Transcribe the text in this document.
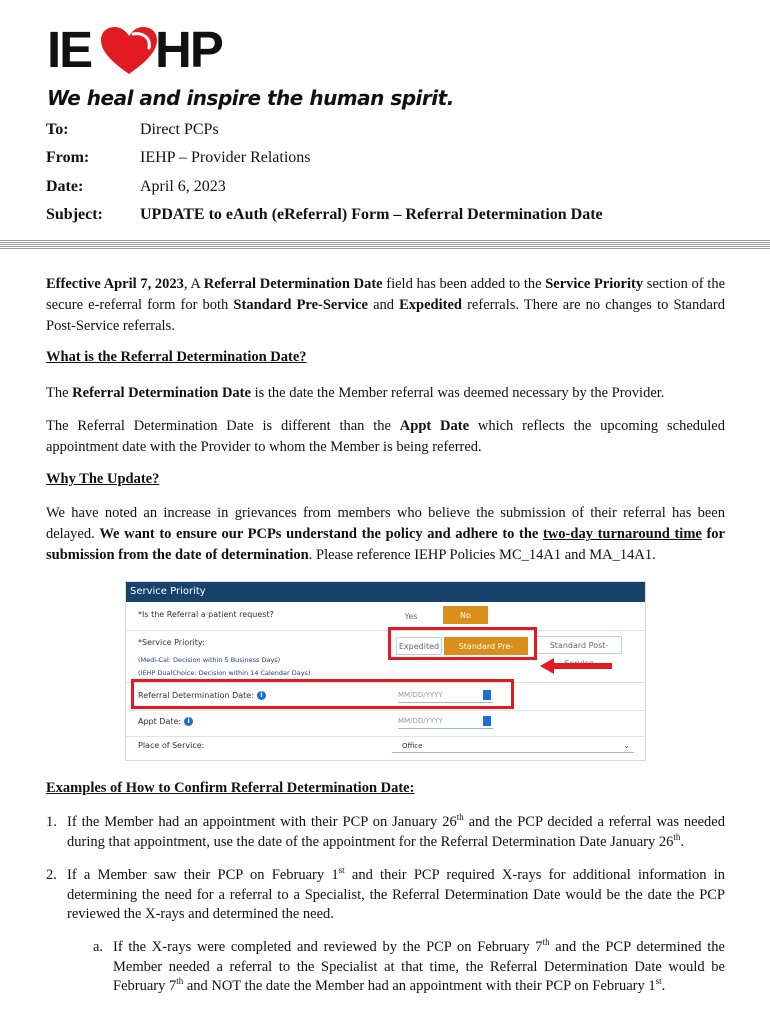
IE HP
We heal and inspire the human spirit.
To:	Direct PCPs
From:	IEHP – Provider Relations
Date:	April 6, 2023
Subject:	UPDATE to eAuth (eReferral) Form – Referral Determination Date
Effective April 7, 2023, A Referral Determination Date field has been added to the Service Priority section of the secure e-referral form for both Standard Pre-Service and Expedited referrals. There are no changes to Standard Post-Service referrals.
What is the Referral Determination Date?
The Referral Determination Date is the date the Member referral was deemed necessary by the Provider.
The Referral Determination Date is different than the Appt Date which reflects the upcoming scheduled appointment date with the Provider to whom the Member is being referred.
Why The Update?
We have noted an increase in grievances from members who believe the submission of their referral has been delayed. We want to ensure our PCPs understand the policy and adhere to the two-day turnaround time for submission from the date of determination. Please reference IEHP Policies MC_14A1 and MA_14A1.
Service Priority
*Is the Referral a patient request?	Yes	No
*Service Priority:
(Medi-Cal: Decision within 5 Business Days)
(IEHP DualChoice: Decision within 14 Calendar Days)
Expedited	Standard Pre-Service
Standard Post-
Referral Determination Date: i	MM/DD/YYYY
Appt Date: i	MM/DD/YYYY
Place of Service:	Office	⌄
Examples of How to Confirm Referral Determination Date:
1. If the Member had an appointment with their PCP on January 26th and the PCP decided a referral was needed during that appointment, use the date of the appointment for the Referral Determination Date January 26th.
2. If a Member saw their PCP on February 1st and their PCP required X-rays for additional information in determining the need for a referral to a Specialist, the Referral Determination Date would be the date the PCP reviewed the X-rays and determined the need.
a. If the X-rays were completed and reviewed by the PCP on February 7th and the PCP determined the Member needed a referral to the Specialist at that time, the Referral Determination Date would be February 7th and NOT the date the Member had an appointment with their PCP on February 1st.
